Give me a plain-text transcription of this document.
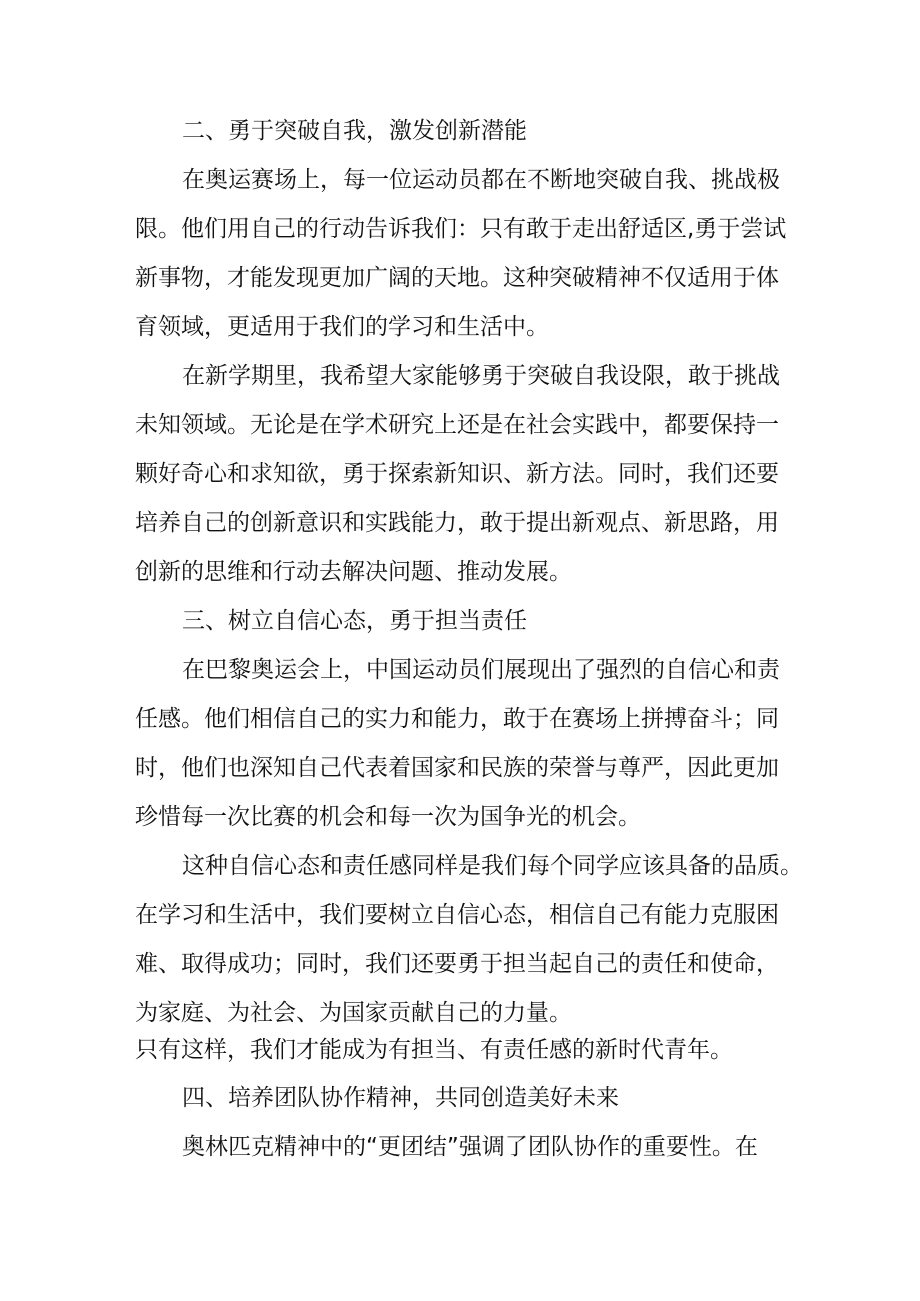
二、勇于突破自我，激发创新潜能
在奥运赛场上，每一位运动员都在不断地突破自我、挑战极
限。他们用自己的行动告诉我们：只有敢于走出舒适区,勇于尝试
新事物，才能发现更加广阔的天地。这种突破精神不仅适用于体
育领域，更适用于我们的学习和生活中。
在新学期里，我希望大家能够勇于突破自我设限，敢于挑战
未知领域。无论是在学术研究上还是在社会实践中，都要保持一
颗好奇心和求知欲，勇于探索新知识、新方法。同时，我们还要
培养自己的创新意识和实践能力，敢于提出新观点、新思路，用
创新的思维和行动去解决问题、推动发展。
三、树立自信心态，勇于担当责任
在巴黎奥运会上，中国运动员们展现出了强烈的自信心和责
任感。他们相信自己的实力和能力，敢于在赛场上拼搏奋斗；同
时，他们也深知自己代表着国家和民族的荣誉与尊严，因此更加
珍惜每一次比赛的机会和每一次为国争光的机会。
这种自信心态和责任感同样是我们每个同学应该具备的品质。
在学习和生活中，我们要树立自信心态，相信自己有能力克服困
难、取得成功；同时，我们还要勇于担当起自己的责任和使命，
为家庭、为社会、为国家贡献自己的力量。
只有这样，我们才能成为有担当、有责任感的新时代青年。
四、培养团队协作精神，共同创造美好未来
奥林匹克精神中的“更团结”强调了团队协作的重要性。在
